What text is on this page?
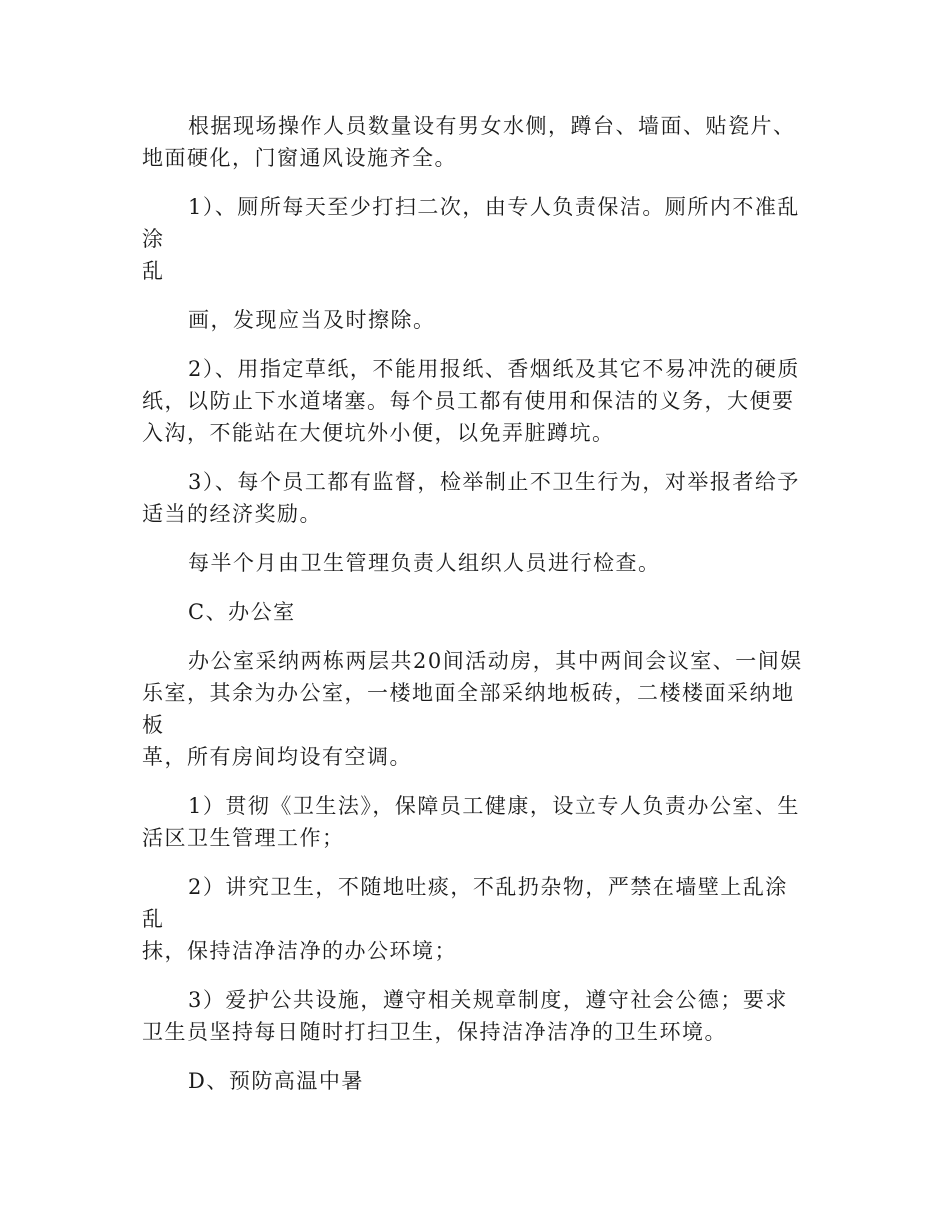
根据现场操作人员数量设有男女水侧，蹲台、墙面、贴瓷片、地面硬化，门窗通风设施齐全。

1）、厕所每天至少打扫二次，由专人负责保洁。厕所内不准乱涂
乱

画，发现应当及时擦除。

2）、用指定草纸，不能用报纸、香烟纸及其它不易冲洗的硬质纸，以防止下水道堵塞。每个员工都有使用和保洁的义务，大便要入沟，不能站在大便坑外小便，以免弄脏蹲坑。

3）、每个员工都有监督，检举制止不卫生行为，对举报者给予适当的经济奖励。

每半个月由卫生管理负责人组织人员进行检查。

C、办公室

办公室采纳两栋两层共20间活动房，其中两间会议室、一间娱乐室，其余为办公室，一楼地面全部采纳地板砖，二楼楼面采纳地板
革，所有房间均设有空调。

1）贯彻《卫生法》，保障员工健康，设立专人负责办公室、生活区卫生管理工作；

2）讲究卫生，不随地吐痰，不乱扔杂物，严禁在墙壁上乱涂乱
抹，保持洁净洁净的办公环境；

3）爱护公共设施，遵守相关规章制度，遵守社会公德；要求卫生员坚持每日随时打扫卫生，保持洁净洁净的卫生环境。

D、预防高温中暑
